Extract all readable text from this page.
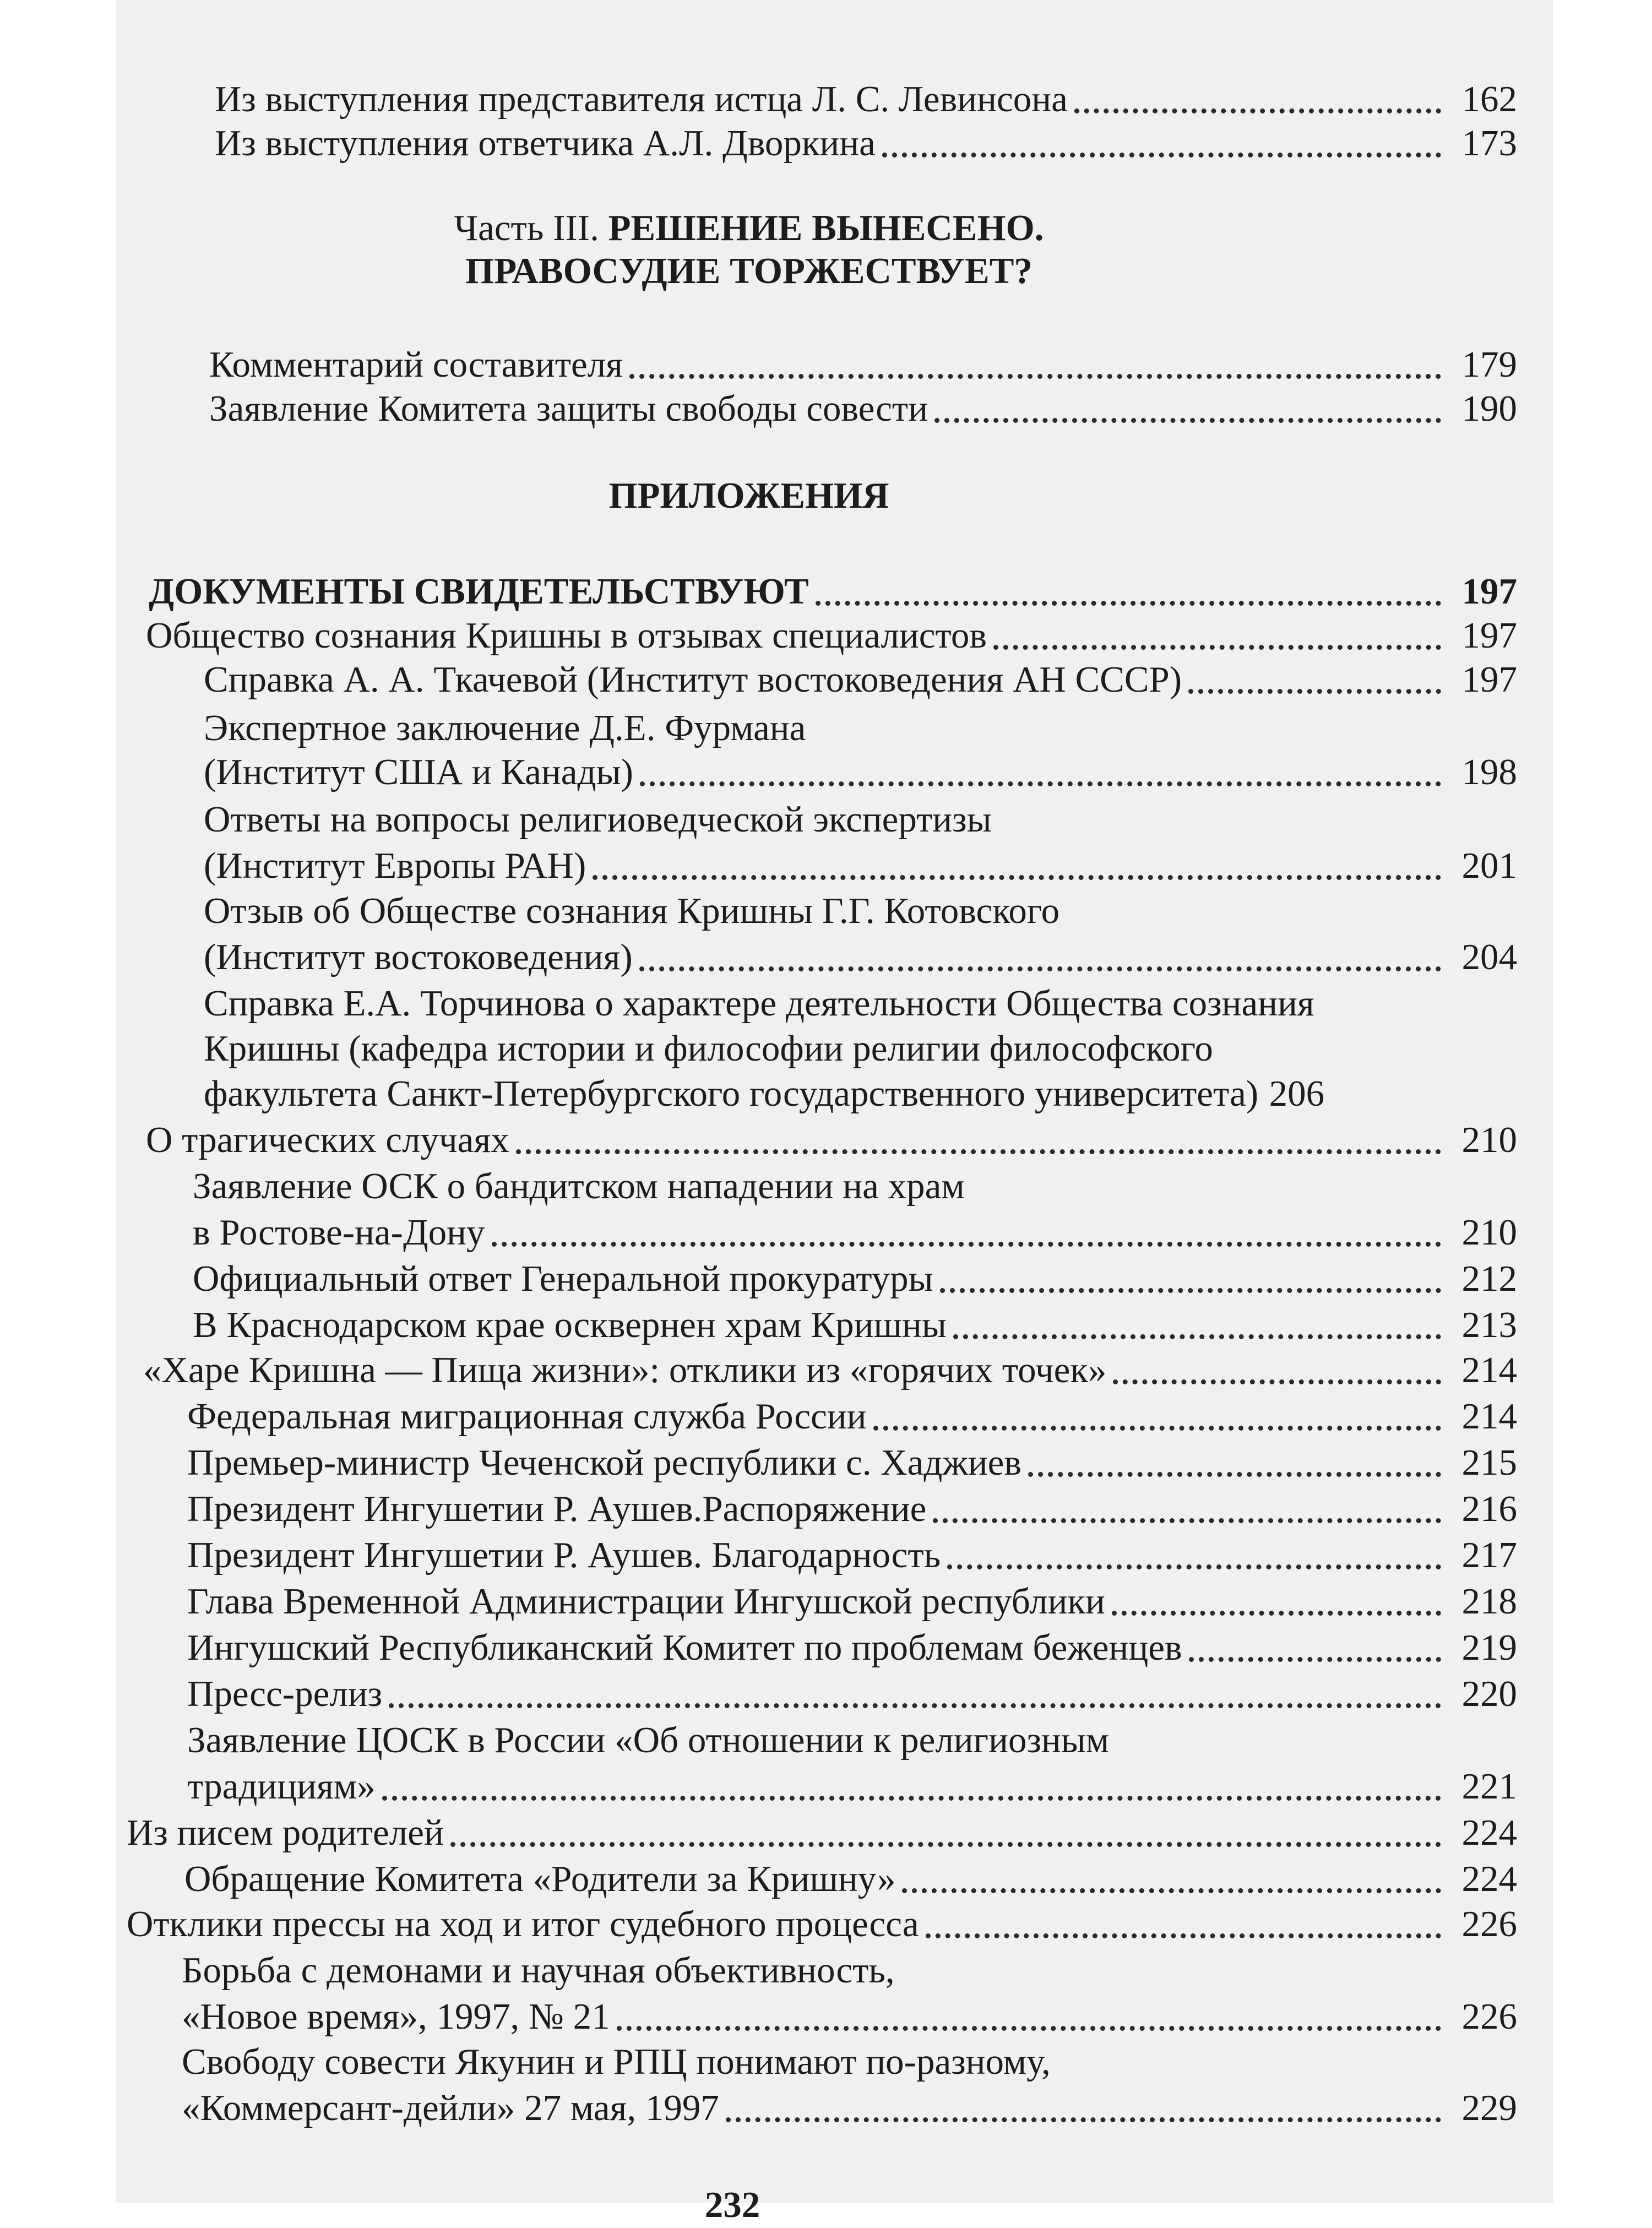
Из выступления представителя истца Л. С. Левинсона	162
Из выступления ответчика А.Л. Дворкина	173
Часть III. РЕШЕНИЕ ВЫНЕСЕНО.
ПРАВОСУДИЕ ТОРЖЕСТВУЕТ?
Комментарий составителя	179
Заявление Комитета защиты свободы совести	190
ПРИЛОЖЕНИЯ
ДОКУМЕНТЫ СВИДЕТЕЛЬСТВУЮТ	197
Общество сознания Кришны в отзывах специалистов	197
Справка А. А. Ткачевой (Институт востоковедения АН СССР)	197
Экспертное заключение Д.Е. Фурмана
(Институт США и Канады)	198
Ответы на вопросы религиоведческой экспертизы
(Институт Европы РАН)	201
Отзыв об Обществе сознания Кришны Г.Г. Котовского
(Институт востоковедения)	204
Справка Е.А. Торчинова о характере деятельности Общества сознания
Кришны (кафедра истории и философии религии философского
факультета Санкт-Петербургского государственного университета) 206
О трагических случаях	210
Заявление ОСК о бандитском нападении на храм
в Ростове-на-Дону	210
Официальный ответ Генеральной прокуратуры	212
В Краснодарском крае осквернен храм Кришны	213
«Харе Кришна — Пища жизни»: отклики из «горячих точек»	214
Федеральная миграционная служба России	214
Премьер-министр Чеченской республики с. Хаджиев	215
Президент Ингушетии Р. Аушев.Распоряжение	216
Президент Ингушетии Р. Аушев. Благодарность	217
Глава Временной Администрации Ингушской республики	218
Ингушский Республиканский Комитет по проблемам беженцев	219
Пресс-релиз	220
Заявление ЦОСК в России «Об отношении к религиозным
традициям»	221
Из писем родителей	224
Обращение Комитета «Родители за Кришну»	224
Отклики прессы на ход и итог судебного процесса	226
Борьба с демонами и научная объективность,
«Новое время», 1997, № 21	226
Свободу совести Якунин и РПЦ понимают по-разному,
«Коммерсант-дейли» 27 мая, 1997	229
232
